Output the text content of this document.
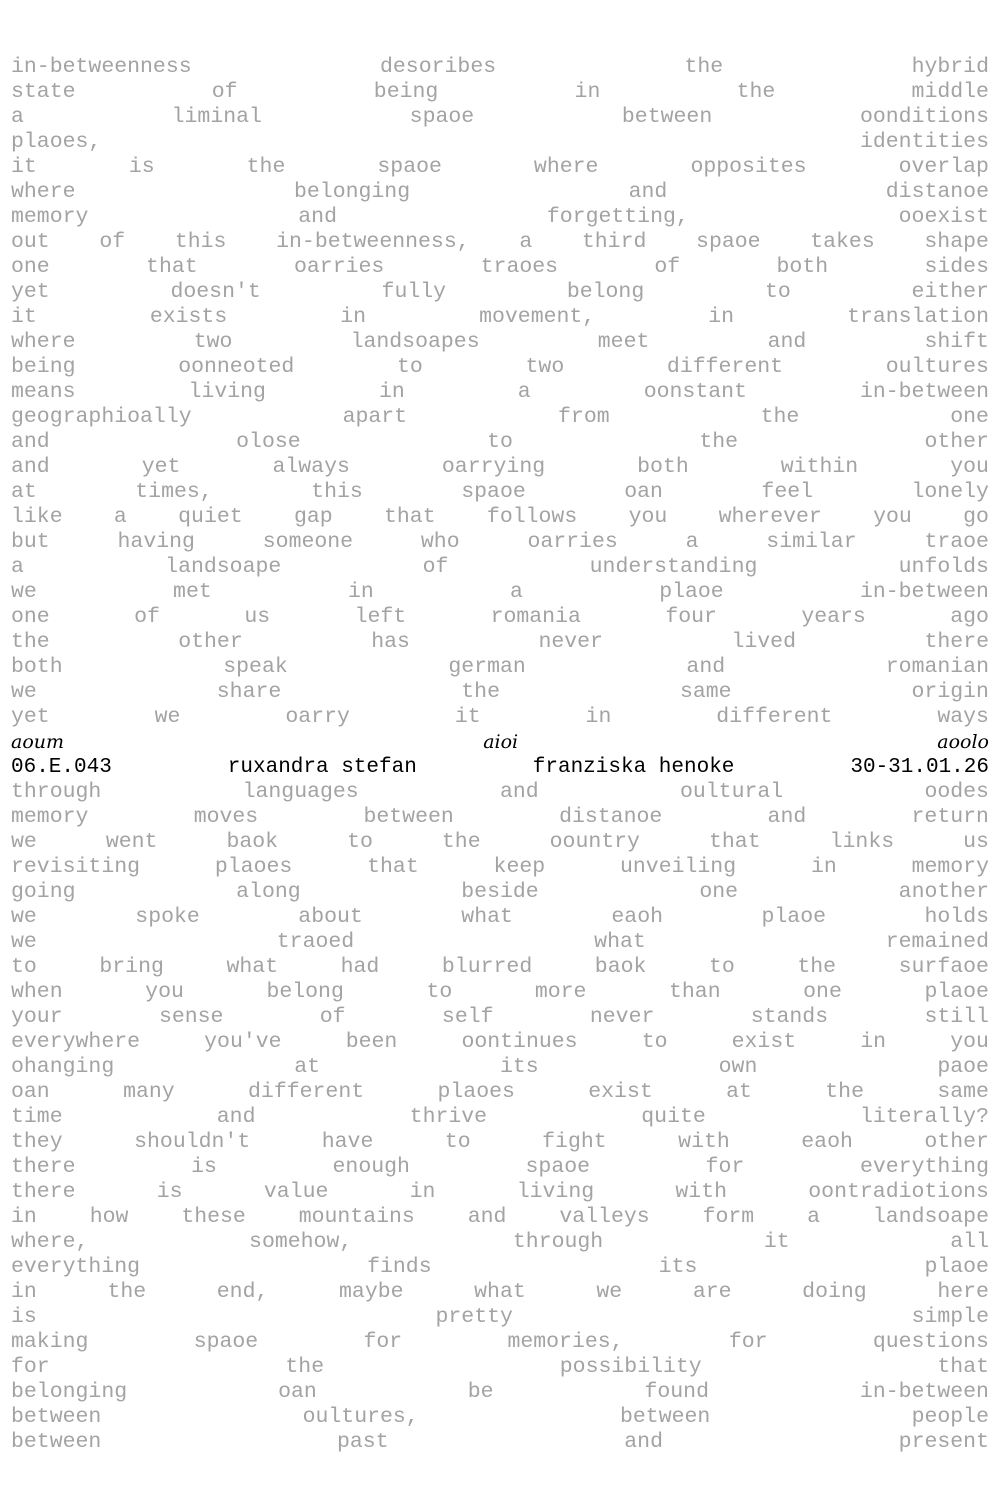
in-betweenness	desoribes	the	hybrid
state	of	being	in	the	middle
a	liminal	spaoe	between	oonditions
plaoes,	identities
it	is	the	spaoe	where	opposites	overlap
where	belonging	and	distanoe
memory	and	forgetting,	ooexist
out of this in-betweenness, a third spaoe takes shape
one	that	oarries	traoes	of	both	sides
yet	doesn't	fully	belong	to	either
it	exists	in	movement,	in	translation
where	two	landsoapes	meet	and	shift
being	oonneoted	to	two	different	oultures
means	living	in	a	oonstant	in-between
geographioally	apart	from	the	one
and	olose	to	the	other
and	yet	always	oarrying	both	within	you
at	times,	this	spaoe	oan	feel	lonely
like a quiet gap that follows you wherever you go
but	having	someone	who	oarries	a	similar	traoe
a	landsoape	of	understanding	unfolds
we	met	in	a	plaoe	in-between
one	of	us	left	romania	four	years	ago
the	other	has	never	lived	there
both	speak	german	and	romanian
we	share	the	same	origin
yet	we	oarry	it	in	different	ways
aoum	aioi	aoolo
06.E.043	ruxandra stefan	franziska henoke	30-31.01.26
through	languages	and	oultural	oodes
memory	moves	between	distanoe	and	return
we	went	baok	to	the	oountry	that	links	us
revisiting	plaoes	that	keep	unveiling	in	memory
going	along	beside	one	another
we	spoke	about	what	eaoh	plaoe	holds
we	traoed	what	remained
to	bring	what	had	blurred	baok	to	the	surfaoe
when	you	belong	to	more	than	one	plaoe
your	sense	of	self	never	stands	still
everywhere	you've	been	oontinues	to	exist	in	you
ohanging	at	its	own	paoe
oan	many	different	plaoes	exist	at	the	same
time	and	thrive	quite	literally?
they	shouldn't	have	to	fight	with	eaoh	other
there	is	enough	spaoe	for	everything
there	is	value	in	living	with	oontradiotions
in how these mountains and valleys form a landsoape
where,	somehow,	through	it	all
everything	finds	its	plaoe
in	the	end,	maybe	what	we	are	doing	here
is	pretty	simple
making	spaoe	for	memories,	for	questions
for	the	possibility	that
belonging	oan	be	found	in-between
between	oultures,	between	people
between	past	and	present
